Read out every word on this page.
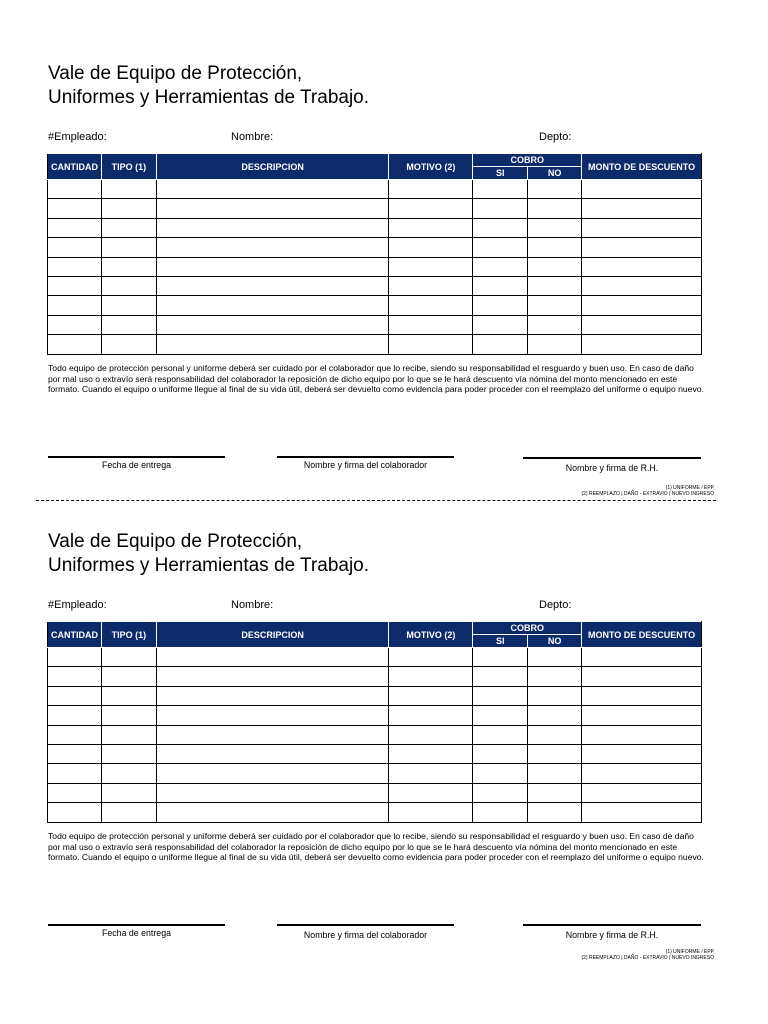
Vale de Equipo de Protección,
Uniformes y Herramientas de Trabajo.
#Empleado:	Nombre:	Depto:
CANTIDAD	TIPO (1)	DESCRIPCION	MOTIVO (2)	COBRO		MONTO DE DESCUENTO
				SI	NO	

Todo equipo de protección personal y uniforme deberá ser cuidado por el colaborador que lo recibe, siendo su responsabilidad el resguardo y buen uso. En caso de daño por mal uso o extravío será responsabilidad del colaborador la reposición de dicho equipo por lo que se le hará descuento vía nómina del monto mencionado en este formato. Cuando el equipo o uniforme llegue al final de su vida útil, deberá ser devuelto como evidencia para poder proceder con el reemplazo del uniforme o equipo nuevo.
Fecha de entrega	Nombre y firma del colaborador	Nombre y firma de R.H.
(1) UNIFORME / EPP
(2) REEMPLAZO | DAÑO - EXTRAVIO | NUEVO INGRESO
Vale de Equipo de Protección,
Uniformes y Herramientas de Trabajo.
#Empleado:	Nombre:	Depto:
CANTIDAD	TIPO (1)	DESCRIPCION	MOTIVO (2)	COBRO		MONTO DE DESCUENTO
				SI	NO	

Todo equipo de protección personal y uniforme deberá ser cuidado por el colaborador que lo recibe, siendo su responsabilidad el resguardo y buen uso. En caso de daño por mal uso o extravío será responsabilidad del colaborador la reposición de dicho equipo por lo que se le hará descuento vía nómina del monto mencionado en este formato. Cuando el equipo o uniforme llegue al final de su vida útil, deberá ser devuelto como evidencia para poder proceder con el reemplazo del uniforme o equipo nuevo.
Fecha de entrega	Nombre y firma del colaborador	Nombre y firma de R.H.
(1) UNIFORME / EPP
(2) REEMPLAZO | DAÑO - EXTRAVIO | NUEVO INGRESO
